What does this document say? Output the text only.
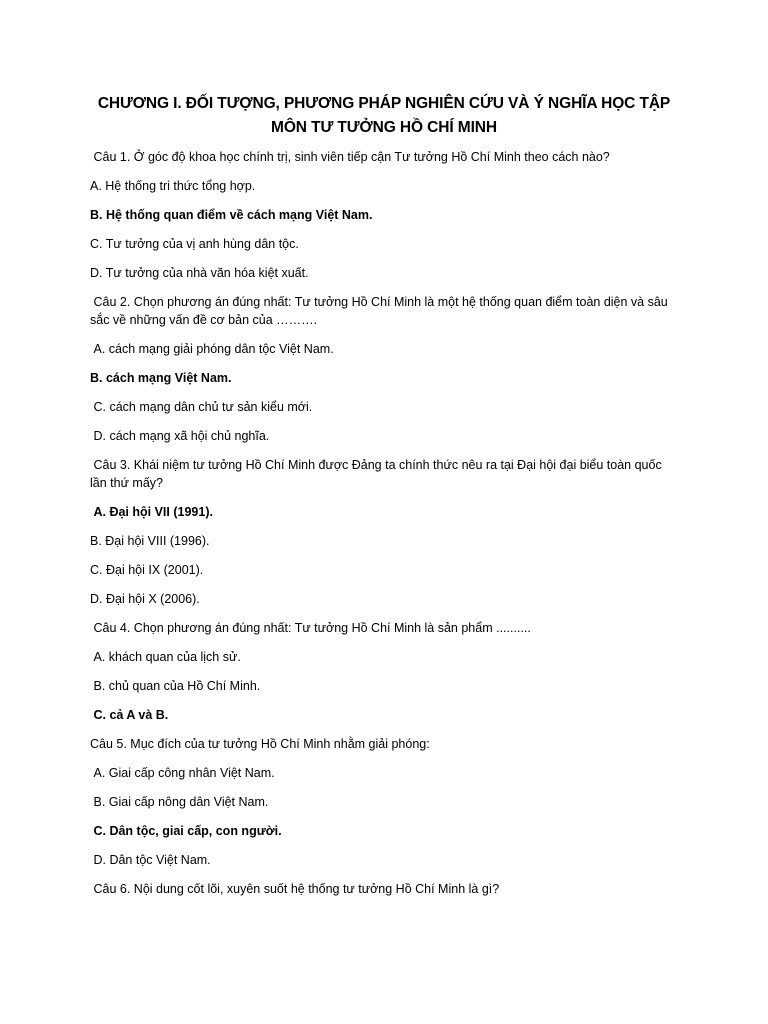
CHƯƠNG I. ĐỐI TƯỢNG, PHƯƠNG PHÁP NGHIÊN CỨU VÀ Ý NGHĨA HỌC TẬP
MÔN TƯ TƯỞNG HỒ CHÍ MINH

Câu 1. Ở góc độ khoa học chính trị, sinh viên tiếp cận Tư tưởng Hồ Chí Minh theo cách nào?

A. Hệ thống tri thức tổng hợp.

B. Hệ thống quan điểm về cách mạng Việt Nam.

C. Tư tưởng của vị anh hùng dân tộc.

D. Tư tưởng của nhà văn hóa kiệt xuất.

Câu 2. Chọn phương án đúng nhất: Tư tưởng Hồ Chí Minh là một hệ thống quan điểm toàn diện và sâu sắc về những vấn đề cơ bản của ……….

A. cách mạng giải phóng dân tộc Việt Nam.

B. cách mạng Việt Nam.

C. cách mạng dân chủ tư sản kiểu mới.

D. cách mạng xã hội chủ nghĩa.

Câu 3. Khái niệm tư tưởng Hồ Chí Minh được Đảng ta chính thức nêu ra tại Đại hội đại biểu toàn quốc lần thứ mấy?

A. Đại hội VII (1991).

B. Đại hội VIII (1996).

C. Đại hội IX (2001).

D. Đại hội X (2006).

Câu 4. Chọn phương án đúng nhất: Tư tưởng Hồ Chí Minh là sản phẩm ..........

A. khách quan của lịch sử.

B. chủ quan của Hồ Chí Minh.

C. cả A và B.

Câu 5. Mục đích của tư tưởng Hồ Chí Minh nhằm giải phóng:

A. Giai cấp công nhân Việt Nam.

B. Giai cấp nông dân Việt Nam.

C. Dân tộc, giai cấp, con người.

D. Dân tộc Việt Nam.

Câu 6. Nội dung cốt lõi, xuyên suốt hệ thống tư tưởng Hồ Chí Minh là gì?
